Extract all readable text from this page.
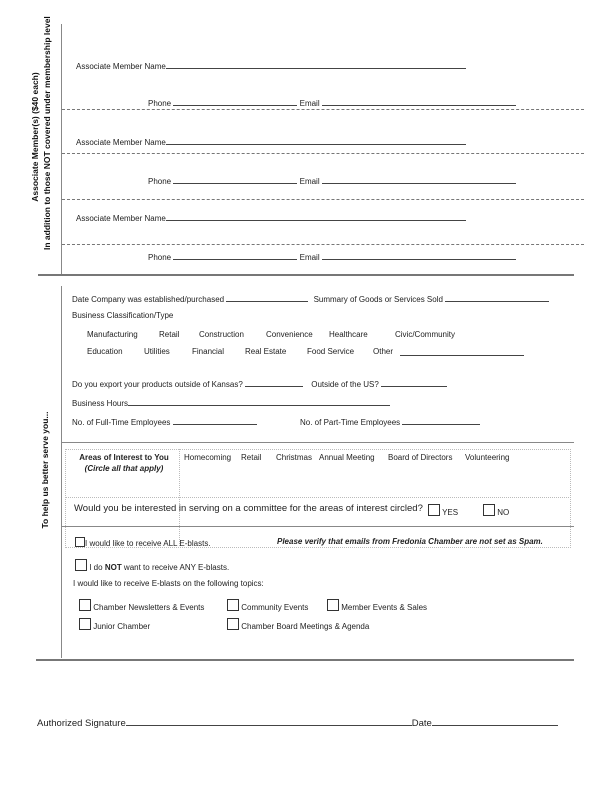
Associate Member(s) ($40 each) In addition to those NOT covered under membership level	Associate Member Name
Phone	Email
Associate Member Name
Phone	Email
Associate Member Name
Phone	Email
To help us better serve you...
Date Company was established/purchased	Summary of Goods or Services Sold
Business Classification/Type
Manufacturing	Retail Construction	Convenience Healthcare	Civic/Community
Education	Utilities	Financial	Real Estate	Food Service Other
Do you export your products outside of Kansas?	Outside of the US?
Business Hours
No. of Full-Time Employees	No. of Part-Time Employees
Areas of Interest to You
(Circle all that apply)
Homecoming Retail Christmas Annual Meeting Board of Directors Volunteering
Would you be interested in serving on a committee for the areas of interest circled?	YES	NO
I would like to receive ALL E-blasts.	Please verify that emails from Fredonia Chamber are not set as Spam.
I do NOT want to receive ANY E-blasts.
I would like to receive E-blasts on the following topics:
Chamber Newsletters & Events	Community Events	Member Events & Sales
Junior Chamber	Chamber Board Meetings & Agenda
Authorized Signature	Date
